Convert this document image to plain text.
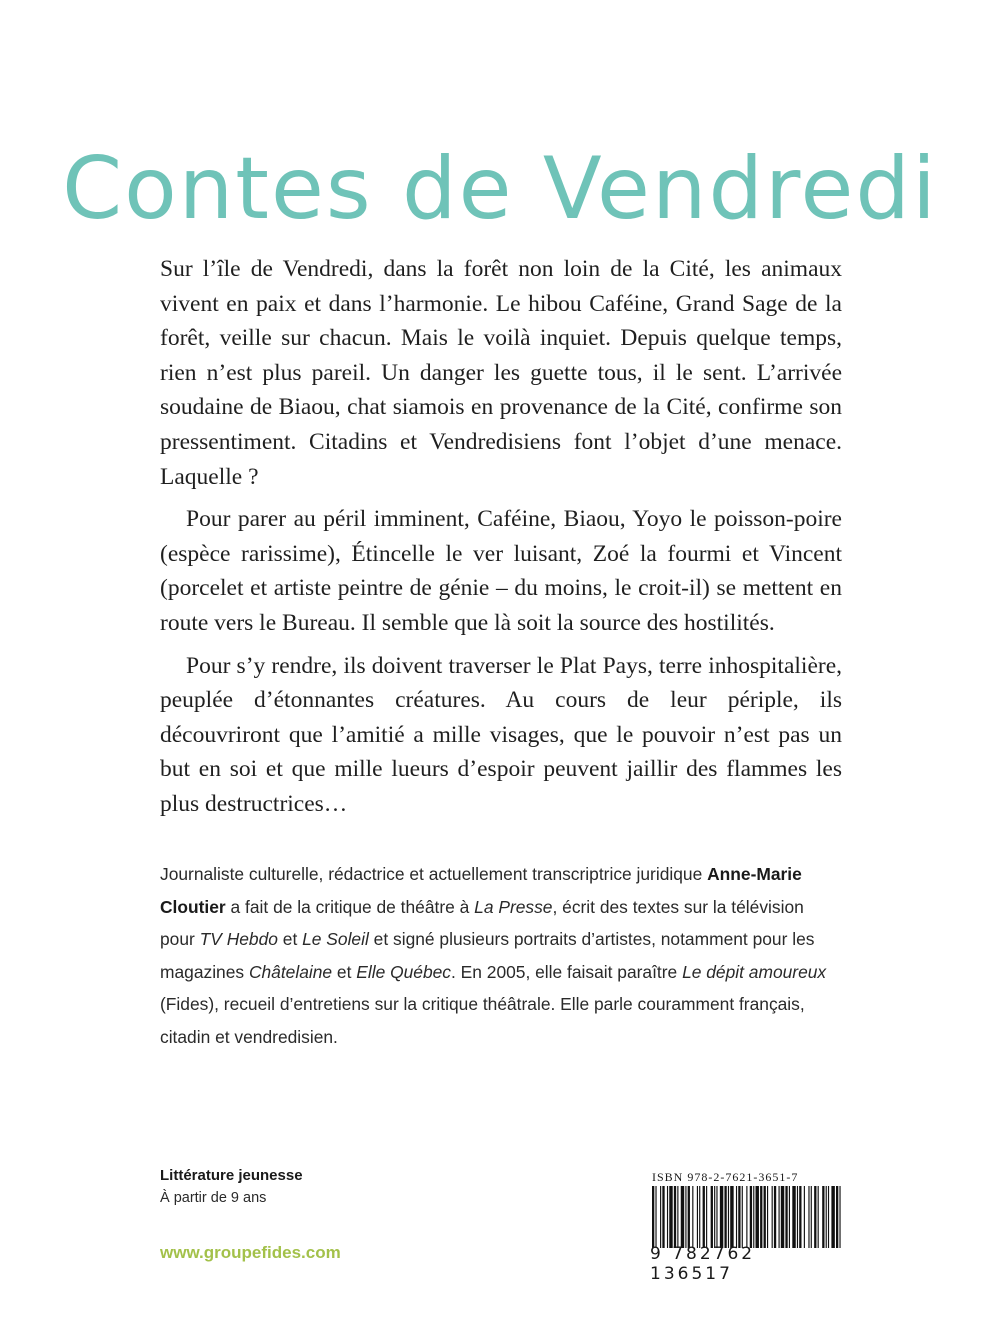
Contes de Vendredi

Sur l’île de Vendredi, dans la forêt non loin de la Cité, les animaux vivent en paix et dans l’harmonie. Le hibou Caféine, Grand Sage de la forêt, veille sur chacun. Mais le voilà inquiet. Depuis quelque temps, rien n’est plus pareil. Un danger les guette tous, il le sent. L’arrivée soudaine de Biaou, chat siamois en provenance de la Cité, confirme son pressentiment. Citadins et Vendredisiens font l’objet d’une menace. Laquelle ?

Pour parer au péril imminent, Caféine, Biaou, Yoyo le poisson-poire (espèce rarissime), Étincelle le ver luisant, Zoé la fourmi et Vincent (porcelet et artiste peintre de génie – du moins, le croit-il) se mettent en route vers le Bureau. Il semble que là soit la source des hostilités.

Pour s’y rendre, ils doivent traverser le Plat Pays, terre inhospitalière, peuplée d’étonnantes créatures. Au cours de leur périple, ils découvriront que l’amitié a mille visages, que le pouvoir n’est pas un but en soi et que mille lueurs d’espoir peuvent jaillir des flammes les plus destructrices…

Journaliste culturelle, rédactrice et actuellement transcriptrice juridique Anne-Marie Cloutier a fait de la critique de théâtre à La Presse, écrit des textes sur la télévision pour TV Hebdo et Le Soleil et signé plusieurs portraits d’artistes, notamment pour les magazines Châtelaine et Elle Québec. En 2005, elle faisait paraître Le dépit amoureux (Fides), recueil d’entretiens sur la critique théâtrale. Elle parle couramment français, citadin et vendredisien.
Littérature jeunesse
À partir de 9 ans
www.groupefides.com
ISBN 978-2-7621-3651-7
9 782762 136517
